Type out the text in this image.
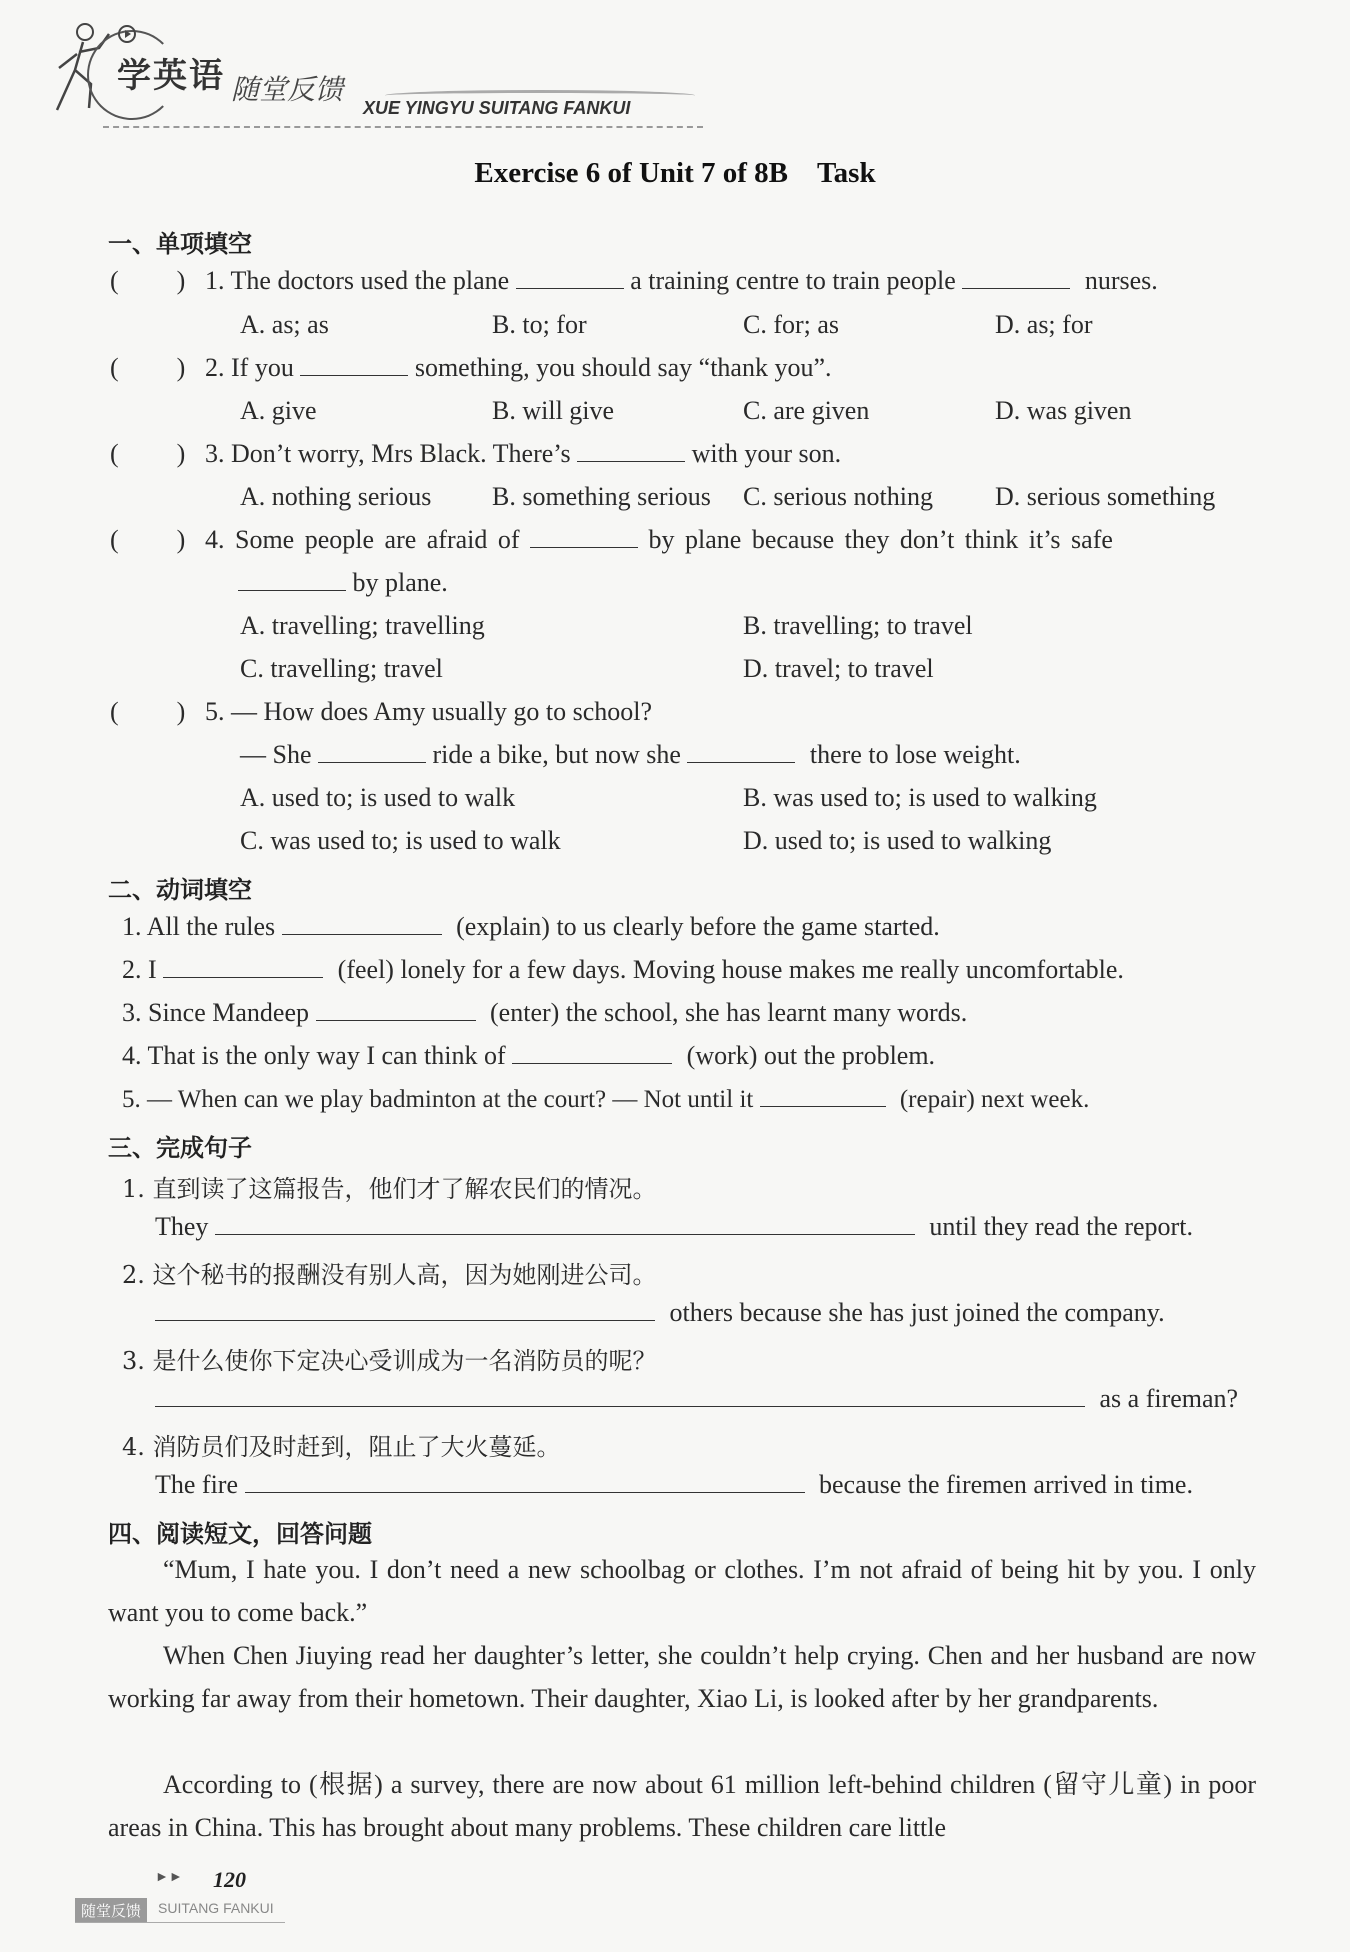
学英语 随堂反馈
XUE YINGYU SUITANG FANKUI
Exercise 6 of Unit 7 of 8B　Task
一、单项填空
( ) 1. The doctors used the plane	a training centre to train people	nurses.
A. as; as	B. to; for	C. for; as	D. as; for
( ) 2. If you	something, you should say “thank you”.
A. give	B. will give	C. are given	D. was given
( ) 3. Don’t worry, Mrs Black. There’s	with your son.
A. nothing serious B. something serious C. serious nothing D. serious something
( ) 4. Some people are afraid of	by plane because they don’t think it’s safe
by plane.
A. travelling; travelling	B. travelling; to travel
C. travelling; travel	D. travel; to travel
( ) 5. — How does Amy usually go to school?
— She	ride a bike, but now she	there to lose weight.
A. used to; is used to walk	B. was used to; is used to walking
C. was used to; is used to walk	D. used to; is used to walking
二、动词填空
1. All the rules	(explain) to us clearly before the game started.
2. I	(feel) lonely for a few days. Moving house makes me really uncomfortable.
3. Since Mandeep	(enter) the school, she has learnt many words.
4. That is the only way I can think of	(work) out the problem.
5. — When can we play badminton at the court? — Not until it	(repair) next week.
三、完成句子
1. 直到读了这篇报告，他们才了解农民们的情况。
They	until they read the report.
2. 这个秘书的报酬没有别人高，因为她刚进公司。
others because she has just joined the company.
3. 是什么使你下定决心受训成为一名消防员的呢？
as a fireman?
4. 消防员们及时赶到，阻止了大火蔓延。
The fire	because the firemen arrived in time.
四、阅读短文，回答问题
“Mum, I hate you. I don’t need a new schoolbag or clothes. I’m not afraid of being hit by you. I only want you to come back.”
When Chen Jiuying read her daughter’s letter, she couldn’t help crying. Chen and her husband are now working far away from their hometown. Their daughter, Xiao Li, is looked after by her grandparents.
According to (根据) a survey, there are now about 61 million left-behind children (留守儿童) in poor areas in China. This has brought about many problems. These children care little
►► 120
随堂反馈	SUITANG FANKUI
